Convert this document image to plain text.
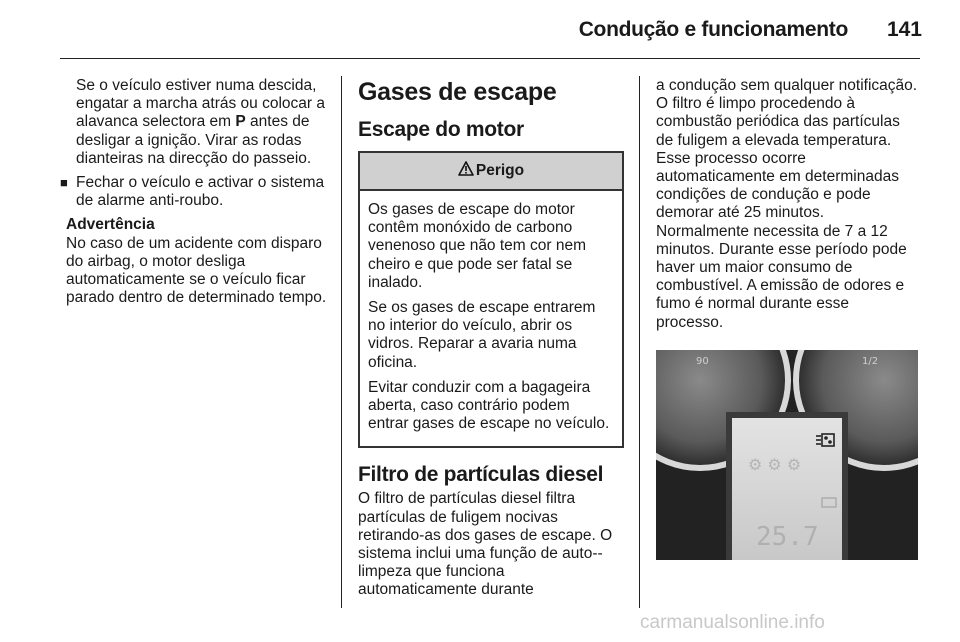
Condução e funcionamento	141

Se o veículo estiver numa descida, engatar a marcha atrás ou colocar a alavanca selectora em P antes de desligar a ignição. Virar as rodas dianteiras na direcção do passeio.

■ Fechar o veículo e activar o sistema de alarme anti-roubo.

Advertência

No caso de um acidente com disparo do airbag, o motor desliga automaticamente se o veículo ficar parado dentro de determinado tempo.

Gases de escape

Escape do motor

Perigo

Os gases de escape do motor contêm monóxido de carbono venenoso que não tem cor nem cheiro e que pode ser fatal se inalado.

Se os gases de escape entrarem no interior do veículo, abrir os vidros. Reparar a avaria numa oficina.

Evitar conduzir com a bagageira aberta, caso contrário podem entrar gases de escape no veículo.

Filtro de partículas diesel

O filtro de partículas diesel filtra partículas de fuligem nocivas retirando-as dos gases de escape. O sistema inclui uma função de auto--limpeza que funciona automaticamente durante

a condução sem qualquer notificação. O filtro é limpo procedendo à combustão periódica das partículas de fuligem a elevada temperatura. Esse processo ocorre automaticamente em determinadas condições de condução e pode demorar até 25 minutos. Normalmente necessita de 7 a 12 minutos. Durante esse período pode haver um maior consumo de combustível. A emissão de odores e fumo é normal durante esse processo.

90	1/2
⚙ ⚙ ⚙
25.7
carmanualsonline.info
